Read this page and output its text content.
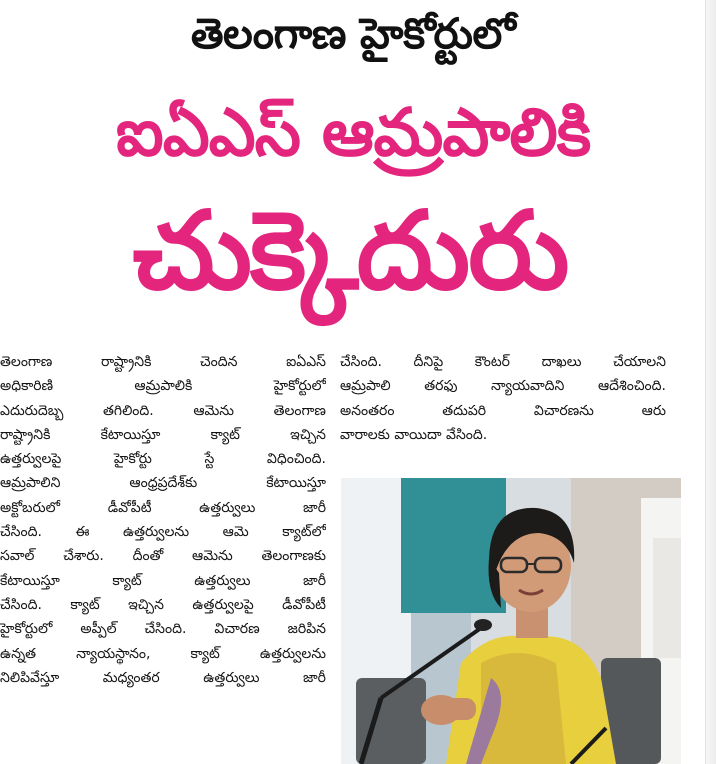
తెలంగాణ హైకోర్టులో
ఐఏఎస్ ఆమ్రపాలికి
చుక్కెదురు
తెలంగాణ రాష్ట్రానికి చెందిన ఐఏఎస్
అధికారిణి ఆమ్రపాలికి హైకోర్టులో
ఎదురుదెబ్బ తగిలింది. ఆమెను తెలంగాణ
రాష్ట్రానికి కేటాయిస్తూ క్యాట్ ఇచ్చిన
ఉత్తర్వులపై హైకోర్టు స్టే విధించింది.
ఆమ్రపాలిని ఆంధ్రప్రదేశ్‌కు కేటాయిస్తూ
అక్టోబరులో డీవోపీటీ ఉత్తర్వులు జారీ
చేసింది. ఈ ఉత్తర్వులను ఆమె క్యాట్‌లో
సవాల్ చేశారు. దీంతో ఆమెను తెలంగాణకు
కేటాయిస్తూ క్యాట్ ఉత్తర్వులు జారీ
చేసింది. క్యాట్ ఇచ్చిన ఉత్తర్వులపై డీవోపీటీ
హైకోర్టులో అప్పీల్ చేసింది. విచారణ జరిపిన
ఉన్నత న్యాయస్థానం, క్యాట్ ఉత్తర్వులను
నిలిపివేస్తూ మధ్యంతర ఉత్తర్వులు జారీ
చేసింది. దీనిపై కౌంటర్ దాఖలు చేయాలని
ఆమ్రపాలి తరఫు న్యాయవాదిని ఆదేశించింది.
అనంతరం తదుపరి విచారణను ఆరు
వారాలకు వాయిదా వేసింది.
